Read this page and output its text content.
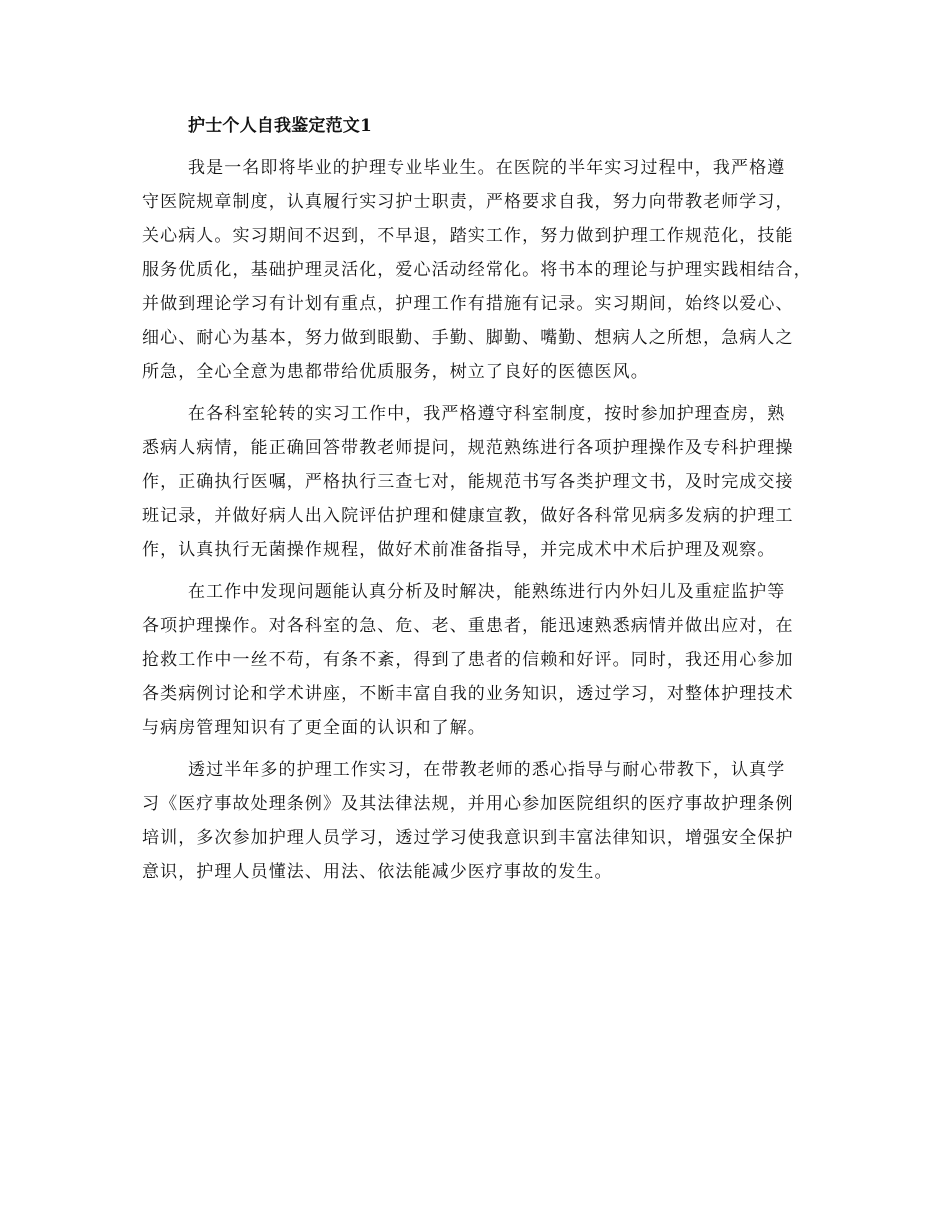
护士个人自我鉴定范文1
我是一名即将毕业的护理专业毕业生。在医院的半年实习过程中，我严格遵
守医院规章制度，认真履行实习护士职责，严格要求自我，努力向带教老师学习，
关心病人。实习期间不迟到，不早退，踏实工作，努力做到护理工作规范化，技能
服务优质化，基础护理灵活化，爱心活动经常化。将书本的理论与护理实践相结合，
并做到理论学习有计划有重点，护理工作有措施有记录。实习期间，始终以爱心、
细心、耐心为基本，努力做到眼勤、手勤、脚勤、嘴勤、想病人之所想，急病人之
所急，全心全意为患都带给优质服务，树立了良好的医德医风。
在各科室轮转的实习工作中，我严格遵守科室制度，按时参加护理查房，熟
悉病人病情，能正确回答带教老师提问，规范熟练进行各项护理操作及专科护理操
作，正确执行医嘱，严格执行三查七对，能规范书写各类护理文书，及时完成交接
班记录，并做好病人出入院评估护理和健康宣教，做好各科常见病多发病的护理工
作，认真执行无菌操作规程，做好术前准备指导，并完成术中术后护理及观察。
在工作中发现问题能认真分析及时解决，能熟练进行内外妇儿及重症监护等
各项护理操作。对各科室的急、危、老、重患者，能迅速熟悉病情并做出应对，在
抢救工作中一丝不苟，有条不紊，得到了患者的信赖和好评。同时，我还用心参加
各类病例讨论和学术讲座，不断丰富自我的业务知识，透过学习，对整体护理技术
与病房管理知识有了更全面的认识和了解。
透过半年多的护理工作实习，在带教老师的悉心指导与耐心带教下，认真学
习《医疗事故处理条例》及其法律法规，并用心参加医院组织的医疗事故护理条例
培训，多次参加护理人员学习，透过学习使我意识到丰富法律知识，增强安全保护
意识，护理人员懂法、用法、依法能减少医疗事故的发生。
